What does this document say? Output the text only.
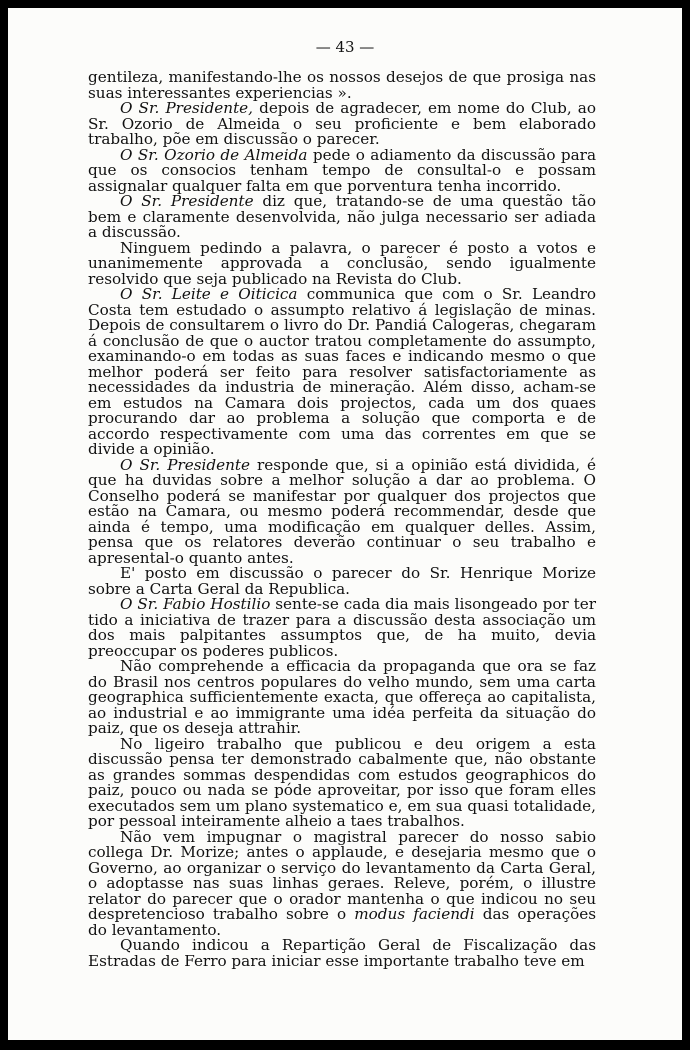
— 43 —

gentileza, manifestando-lhe os nossos desejos de que prosiga nas suas interessantes experiencias ».

O Sr. Presidente, depois de agradecer, em nome do Club, ao Sr. Ozorio de Almeida o seu proficiente e bem elaborado trabalho, põe em discussão o parecer.

O Sr. Ozorio de Almeida pede o adiamento da discussão para que os consocios tenham tempo de consultal-o e possam assignalar qualquer falta em que porventura tenha incorrido.

O Sr. Presidente diz que, tratando-se de uma questão tão bem e claramente desenvolvida, não julga necessario ser adiada a discussão.

Ninguem pedindo a palavra, o parecer é posto a votos e unanimemente approvada a conclusão, sendo igualmente resolvido que seja publicado na Revista do Club.

O Sr. Leite e Oiticica communica que com o Sr. Leandro Costa tem estudado o assumpto relativo á legislação de minas. Depois de consultarem o livro do Dr. Pandiá Calogeras, chegaram á conclusão de que o auctor tratou completamente do assumpto, examinando-o em todas as suas faces e indicando mesmo o que melhor poderá ser feito para resolver satisfactoriamente as necessidades da industria de mineração. Além disso, acham-se em estudos na Camara dois projectos, cada um dos quaes procurando dar ao problema a solução que comporta e de accordo respectivamente com uma das correntes em que se divide a opinião.

O Sr. Presidente responde que, si a opinião está dividida, é que ha duvidas sobre a melhor solução a dar ao problema. O Conselho poderá se manifestar por qualquer dos projectos que estão na Camara, ou mesmo poderá recommendar, desde que ainda é tempo, uma modificação em qualquer delles. Assim, pensa que os relatores deverão continuar o seu trabalho e apresental-o quanto antes.

E' posto em discussão o parecer do Sr. Henrique Morize sobre a Carta Geral da Republica.

O Sr. Fabio Hostilio sente-se cada dia mais lisongeado por ter tido a iniciativa de trazer para a discussão desta associação um dos mais palpitantes assumptos que, de ha muito, devia preoccupar os poderes publicos.

Não comprehende a efficacia da propaganda que ora se faz do Brasil nos centros populares do velho mundo, sem uma carta geographica sufficientemente exacta, que offereça ao capitalista, ao industrial e ao immigrante uma idéa perfeita da situação do paiz, que os deseja attrahir.

No ligeiro trabalho que publicou e deu origem a esta discussão pensa ter demonstrado cabalmente que, não obstante as grandes sommas despendidas com estudos geographicos do paiz, pouco ou nada se póde aproveitar, por isso que foram elles executados sem um plano systematico e, em sua quasi totalidade, por pessoal inteiramente alheio a taes trabalhos.

Não vem impugnar o magistral parecer do nosso sabio collega Dr. Morize; antes o applaude, e desejaria mesmo que o Governo, ao organizar o serviço do levantamento da Carta Geral, o adoptasse nas suas linhas geraes. Releve, porém, o illustre relator do parecer que o orador mantenha o que indicou no seu despretencioso trabalho sobre o modus faciendi das operações do levantamento.

Quando indicou a Repartição Geral de Fiscalização das Estradas de Ferro para iniciar esse importante trabalho teve em
